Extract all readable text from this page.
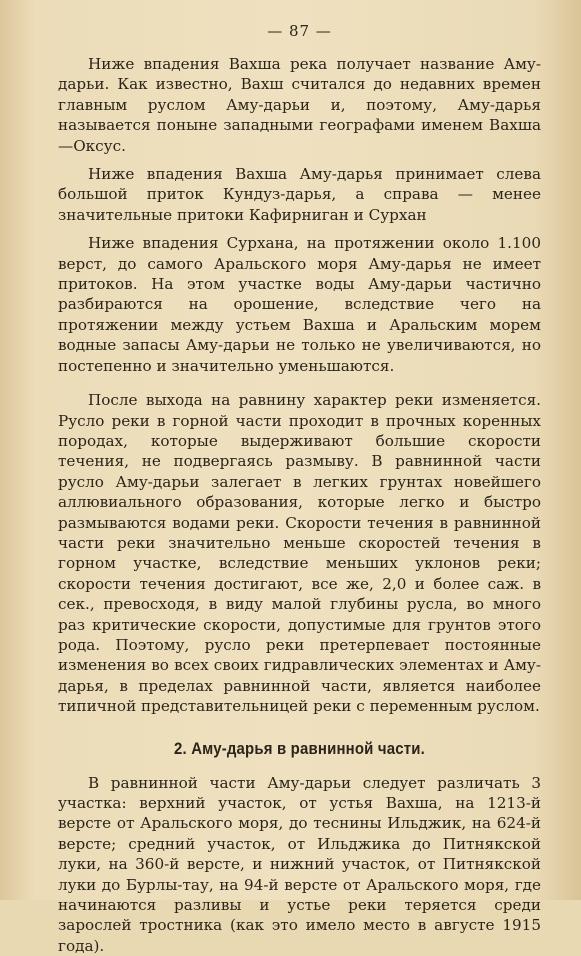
— 87 —

Ниже впадения Вахша река получает название Аму-дарьи. Как известно, Вахш считался до недавних времен главным руслом Аму-дарьи и, поэтому, Аму-дарья называется поныне западными географами именем Вахша—Оксус.

Ниже впадения Вахша Аму-дарья принимает слева большой приток Кундуз-дарья, а справа — менее значительные притоки Кафирниган и Сурхан

Ниже впадения Сурхана, на протяжении около 1.100 верст, до самого Аральского моря Аму-дарья не имеет притоков. На этом участке воды Аму-дарьи частично разбираются на орошение, вследствие чего на протяжении между устьем Вахша и Аральским морем водные запасы Аму-дарьи не только не увеличиваются, но постепенно и значительно уменьшаются.

После выхода на равнину характер реки изменяется. Русло реки в горной части проходит в прочных коренных породах, которые выдерживают большие скорости течения, не подвергаясь размыву. В равнинной части русло Аму-дарьи залегает в легких грунтах новейшего аллювиального образования, которые легко и быстро размываются водами реки. Скорости течения в равнинной части реки значительно меньше скоростей течения в горном участке, вследствие меньших уклонов реки; скорости течения достигают, все же, 2,0 и более саж. в сек., превосходя, в виду малой глубины русла, во много раз критические скорости, допустимые для грунтов этого рода. Поэтому, русло реки претерпевает постоянные изменения во всех своих гидравлических элементах и Аму-дарья, в пределах равнинной части, является наиболее типичной представительницей реки с переменным руслом.

2. Аму-дарья в равнинной части.

В равнинной части Аму-дарьи следует различать 3 участка: верхний участок, от устья Вахша, на 1213-й версте от Аральского моря, до теснины Ильджик, на 624-й версте; средний участок, от Ильджика до Питнякской луки, на 360-й версте, и нижний участок, от Питнякской луки до Бурлы-тау, на 94-й версте от Аральского моря, где начинаются разливы и устье реки теряется среди зарослей тростника (как это имело место в августе 1915 года).
